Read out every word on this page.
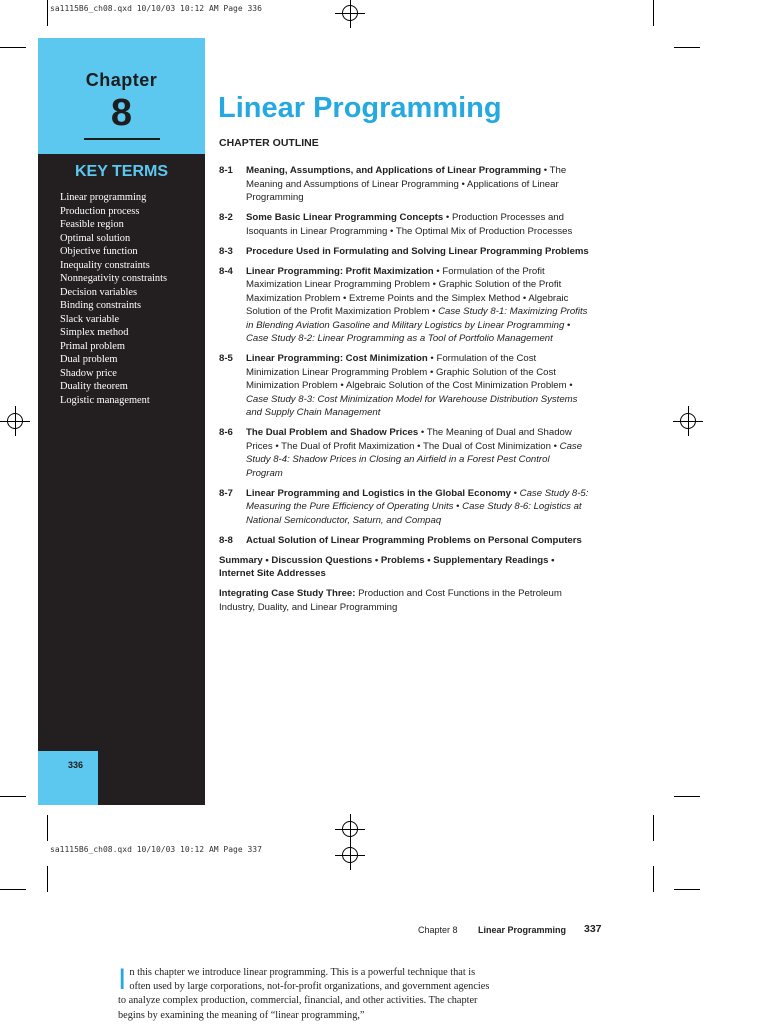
sa1115B6_ch08.qxd 10/10/03 10:12 AM Page 336
sa1115B6_ch08.qxd 10/10/03 10:12 AM Page 337
Chapter
8
KEY TERMS
Linear programming
Production process
Feasible region
Optimal solution
Objective function
Inequality constraints
Nonnegativity constraints
Decision variables
Binding constraints
Slack variable
Simplex method
Primal problem
Dual problem
Shadow price
Duality theorem
Logistic management
336
Linear Programming
CHAPTER OUTLINE
8-1 Meaning, Assumptions, and Applications of Linear Programming • The Meaning and Assumptions of Linear Programming • Applications of Linear Programming
8-2 Some Basic Linear Programming Concepts • Production Processes and Isoquants in Linear Programming • The Optimal Mix of Production Processes
8-3 Procedure Used in Formulating and Solving Linear Programming Problems
8-4 Linear Programming: Profit Maximization • Formulation of the Profit Maximization Linear Programming Problem • Graphic Solution of the Profit Maximization Problem • Extreme Points and the Simplex Method • Algebraic Solution of the Profit Maximization Problem • Case Study 8-1: Maximizing Profits in Blending Aviation Gasoline and Military Logistics by Linear Programming • Case Study 8-2: Linear Programming as a Tool of Portfolio Management
8-5 Linear Programming: Cost Minimization • Formulation of the Cost Minimization Linear Programming Problem • Graphic Solution of the Cost Minimization Problem • Algebraic Solution of the Cost Minimization Problem • Case Study 8-3: Cost Minimization Model for Warehouse Distribution Systems and Supply Chain Management
8-6 The Dual Problem and Shadow Prices • The Meaning of Dual and Shadow Prices • The Dual of Profit Maximization • The Dual of Cost Minimization • Case Study 8-4: Shadow Prices in Closing an Airfield in a Forest Pest Control Program
8-7 Linear Programming and Logistics in the Global Economy • Case Study 8-5: Measuring the Pure Efficiency of Operating Units • Case Study 8-6: Logistics at National Semiconductor, Saturn, and Compaq
8-8 Actual Solution of Linear Programming Problems on Personal Computers
Summary • Discussion Questions • Problems • Supplementary Readings • Internet Site Addresses
Integrating Case Study Three: Production and Cost Functions in the Petroleum Industry, Duality, and Linear Programming
Chapter 8 Linear Programming 337
In this chapter we introduce linear programming. This is a powerful technique that is often used by large corporations, not-for-profit organizations, and government agencies to analyze complex production, commercial, financial, and other activities. The chapter begins by examining the meaning of “linear programming,”
